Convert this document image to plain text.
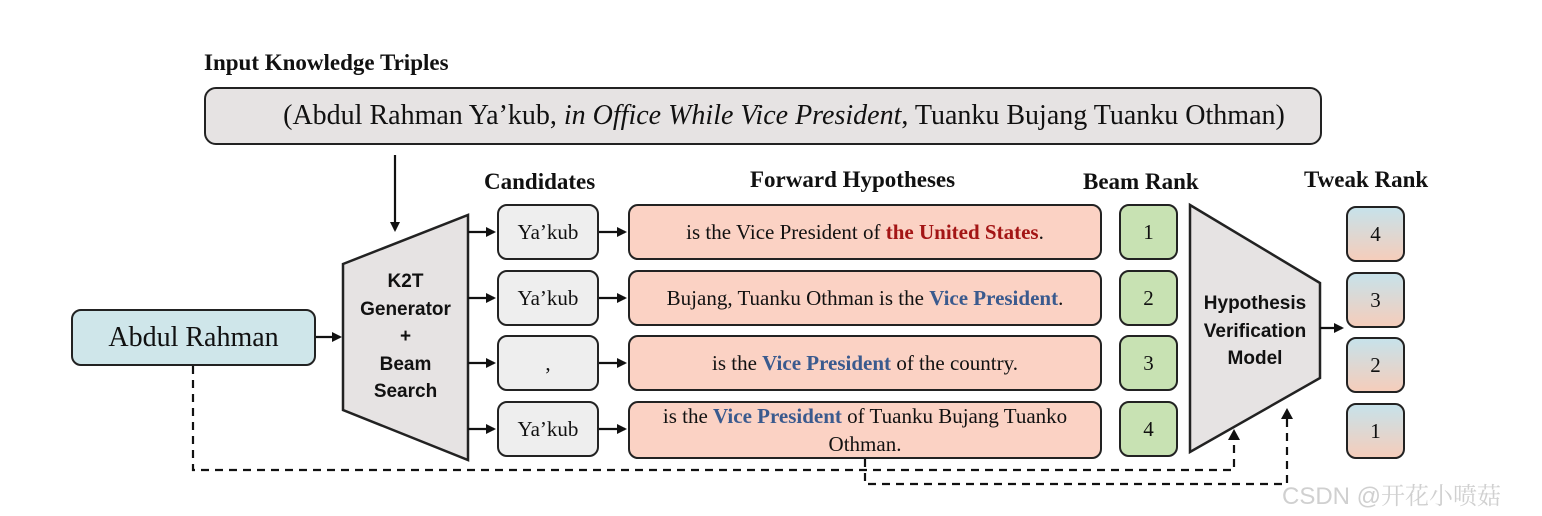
Input Knowledge Triples

(Abdul Rahman Ya’kub, in Office While Vice President, Tuanku Bujang Tuanku Othman)

Abdul Rahman
K2T
Generator
+
Beam
Search
Candidates	Forward Hypotheses	Beam Rank	Tweak Rank
Ya’kub
Ya’kub
,
Ya’kub
is the Vice President of the United States.
Bujang, Tuanku Othman is the Vice President.
is the Vice President of the country.
is the Vice President of Tuanku Bujang Tuanko Othman.
1
2
3
4
Hypothesis
Verification
Model
4
3
2
1
CSDN @开花小喷菇
